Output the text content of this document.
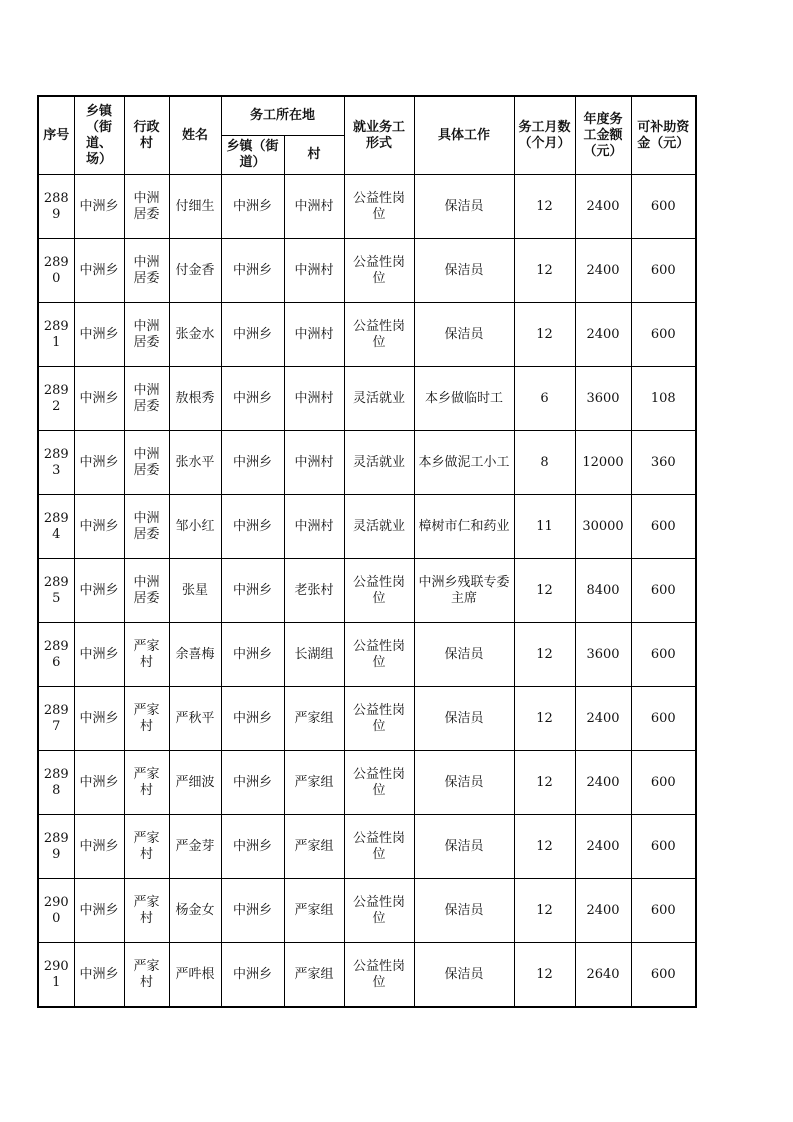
序号	乡镇（街道、场）	行政村	姓名	务工所在地		就业务工形式	具体工作	务工月数（个月）	年度务工金额（元）	可补助资金（元）
				乡镇（街道）	村					
2889	中洲乡	中洲居委	付细生	中洲乡	中洲村	公益性岗位	保洁员	12	2400	600
2890	中洲乡	中洲居委	付金香	中洲乡	中洲村	公益性岗位	保洁员	12	2400	600
2891	中洲乡	中洲居委	张金水	中洲乡	中洲村	公益性岗位	保洁员	12	2400	600
2892	中洲乡	中洲居委	敖根秀	中洲乡	中洲村	灵活就业	本乡做临时工	6	3600	108
2893	中洲乡	中洲居委	张水平	中洲乡	中洲村	灵活就业	本乡做泥工小工	8	12000	360
2894	中洲乡	中洲居委	邹小红	中洲乡	中洲村	灵活就业	樟树市仁和药业	11	30000	600
2895	中洲乡	中洲居委	张星	中洲乡	老张村	公益性岗位	中洲乡残联专委主席	12	8400	600
2896	中洲乡	严家村	余喜梅	中洲乡	长湖组	公益性岗位	保洁员	12	3600	600
2897	中洲乡	严家村	严秋平	中洲乡	严家组	公益性岗位	保洁员	12	2400	600
2898	中洲乡	严家村	严细波	中洲乡	严家组	公益性岗位	保洁员	12	2400	600
2899	中洲乡	严家村	严金芽	中洲乡	严家组	公益性岗位	保洁员	12	2400	600
2900	中洲乡	严家村	杨金女	中洲乡	严家组	公益性岗位	保洁员	12	2400	600
2901	中洲乡	严家村	严吽根	中洲乡	严家组	公益性岗位	保洁员	12	2640	600
